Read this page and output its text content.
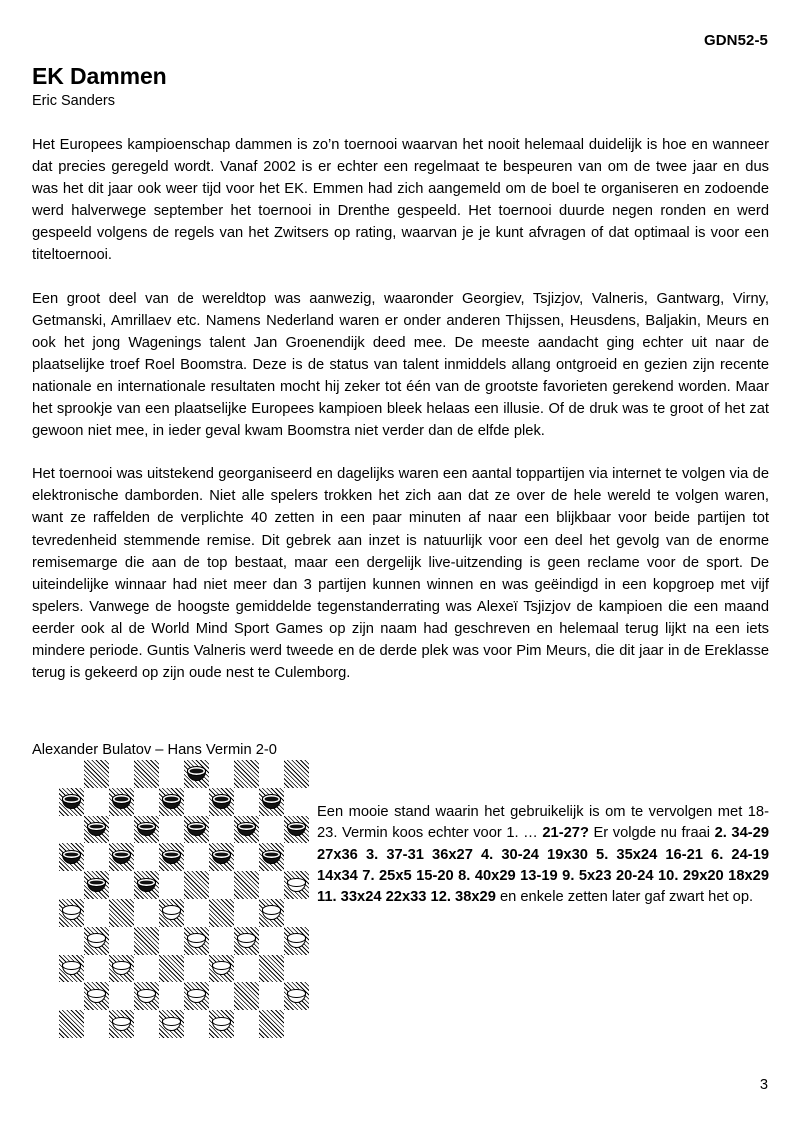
GDN52-5
EK Dammen
Eric Sanders

Het Europees kampioenschap dammen is zo’n toernooi waarvan het nooit helemaal duidelijk is hoe en wanneer dat precies geregeld wordt. Vanaf 2002 is er echter een regelmaat te bespeuren van om de twee jaar en dus was het dit jaar ook weer tijd voor het EK. Emmen had zich aangemeld om de boel te organiseren en zodoende werd halverwege september het toernooi in Drenthe gespeeld. Het toernooi duurde negen ronden en werd gespeeld volgens de regels van het Zwitsers op rating, waarvan je je kunt afvragen of dat optimaal is voor een titeltoernooi.

Een groot deel van de wereldtop was aanwezig, waaronder Georgiev, Tsjizjov, Valneris, Gantwarg, Virny, Getmanski, Amrillaev etc. Namens Nederland waren er onder anderen Thijssen, Heusdens, Baljakin, Meurs en ook het jong Wagenings talent Jan Groenendijk deed mee. De meeste aandacht ging echter uit naar de plaatselijke troef Roel Boomstra. Deze is de status van talent inmiddels allang ontgroeid en gezien zijn recente nationale en internationale resultaten mocht hij zeker tot één van de grootste favorieten gerekend worden. Maar het sprookje van een plaatselijke Europees kampioen bleek helaas een illusie. Of de druk was te groot of het zat gewoon niet mee, in ieder geval kwam Boomstra niet verder dan de elfde plek.

Het toernooi was uitstekend georganiseerd en dagelijks waren een aantal toppartijen via internet te volgen via de elektronische damborden. Niet alle spelers trokken het zich aan dat ze over de hele wereld te volgen waren, want ze raffelden de verplichte 40 zetten in een paar minuten af naar een blijkbaar voor beide partijen tot tevredenheid stemmende remise. Dit gebrek aan inzet is natuurlijk voor een deel het gevolg van de enorme remisemarge die aan de top bestaat, maar een dergelijk live-uitzending is geen reclame voor de sport. De uiteindelijke winnaar had niet meer dan 3 partijen kunnen winnen en was geëindigd in een kopgroep met vijf spelers. Vanwege de hoogste gemiddelde tegenstanderrating was Alexeï Tsjizjov de kampioen die een maand eerder ook al de World Mind Sport Games op zijn naam had geschreven en helemaal terug lijkt na een iets mindere periode. Guntis Valneris werd tweede en de derde plek was voor Pim Meurs, die dit jaar in de Ereklasse terug is gekeerd op zijn oude nest te Culemborg.

Alexander Bulatov – Hans Vermin 2-0
Een mooie stand waarin het gebruikelijk is om te vervolgen met 18-23. Vermin koos echter voor 1. … 21-27? Er volgde nu fraai 2. 34-29 27x36 3. 37-31 36x27 4. 30-24 19x30 5. 35x24 16-21 6. 24-19 14x34 7. 25x5 15-20 8. 40x29 13-19 9. 5x23 20-24 10. 29x20 18x29 11. 33x24 22x33 12. 38x29 en enkele zetten later gaf zwart het op.
3
